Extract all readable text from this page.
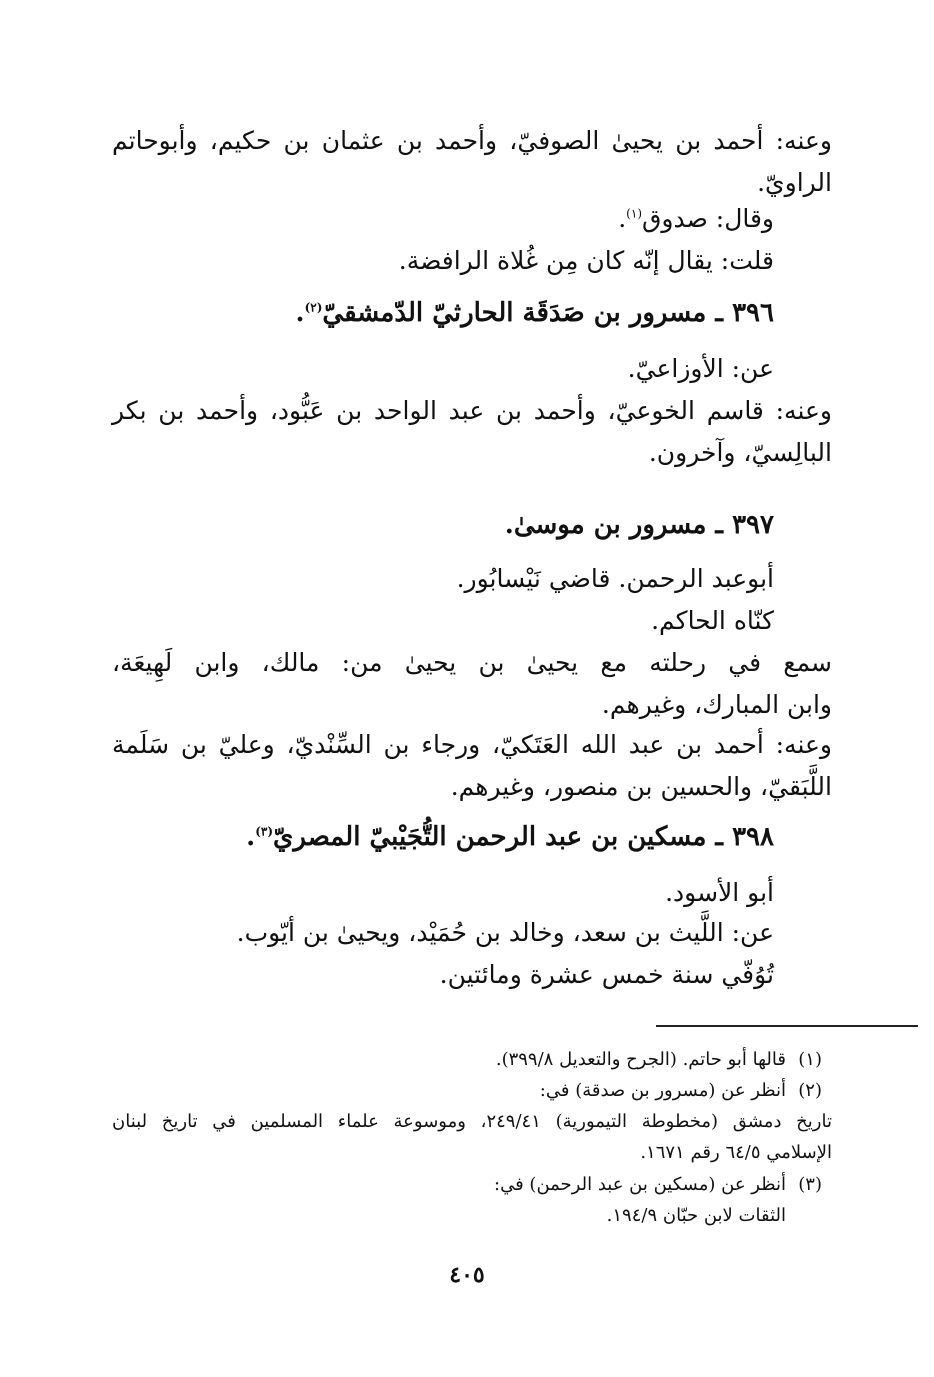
وعنه: أحمد بن يحيىٰ الصوفيّ، وأحمد بن عثمان بن حكيم، وأبوحاتم
الراويّ.
وقال: صدوق$^{(١)}$.
قلت: يقال إنّه كان مِن غُلاة الرافضة.
٣٩٦ ـ مسرور بن صَدَقَة الحارثيّ الدّمشقيّ$^{(٢)}$.
عن: الأوزاعيّ.
وعنه: قاسم الخوعيّ، وأحمد بن عبد الواحد بن عَبُّود، وأحمد بن بكر
البالِسيّ، وآخرون.
٣٩٧ ـ مسرور بن موسىٰ.
أبوعبد الرحمن. قاضي نَيْسابُور.
كنّاه الحاكم.
سمع في رحلته مع يحيىٰ بن يحيىٰ من: مالك، وابن لَهِيعَة،
وابن المبارك، وغيرهم.
وعنه: أحمد بن عبد الله العَتَكيّ، ورجاء بن السِّنْديّ، وعليّ بن سَلَمة
اللَّبَقيّ، والحسين بن منصور، وغيرهم.
٣٩٨ ـ مسكين بن عبد الرحمن التُّجَيْبيّ المصريّ$^{(٣)}$.
أبو الأسود.
عن: اللَّيث بن سعد، وخالد بن حُمَيْد، ويحيىٰ بن أيّوب.
تُوُفّي سنة خمس عشرة ومائتين.
(١)
قالها أبو حاتم. (الجرح والتعديل ٣٩٩/٨).
(٢)
أنظر عن (مسرور بن صدقة) في:
تاريخ دمشق (مخطوطة التيمورية) ٢٤٩/٤١، وموسوعة علماء المسلمين في تاريخ لبنان
الإسلامي ٦٤/٥ رقم ١٦٧١.
(٣)
أنظر عن (مسكين بن عبد الرحمن) في:
الثقات لابن حبّان ١٩٤/٩.
٤٠٥
